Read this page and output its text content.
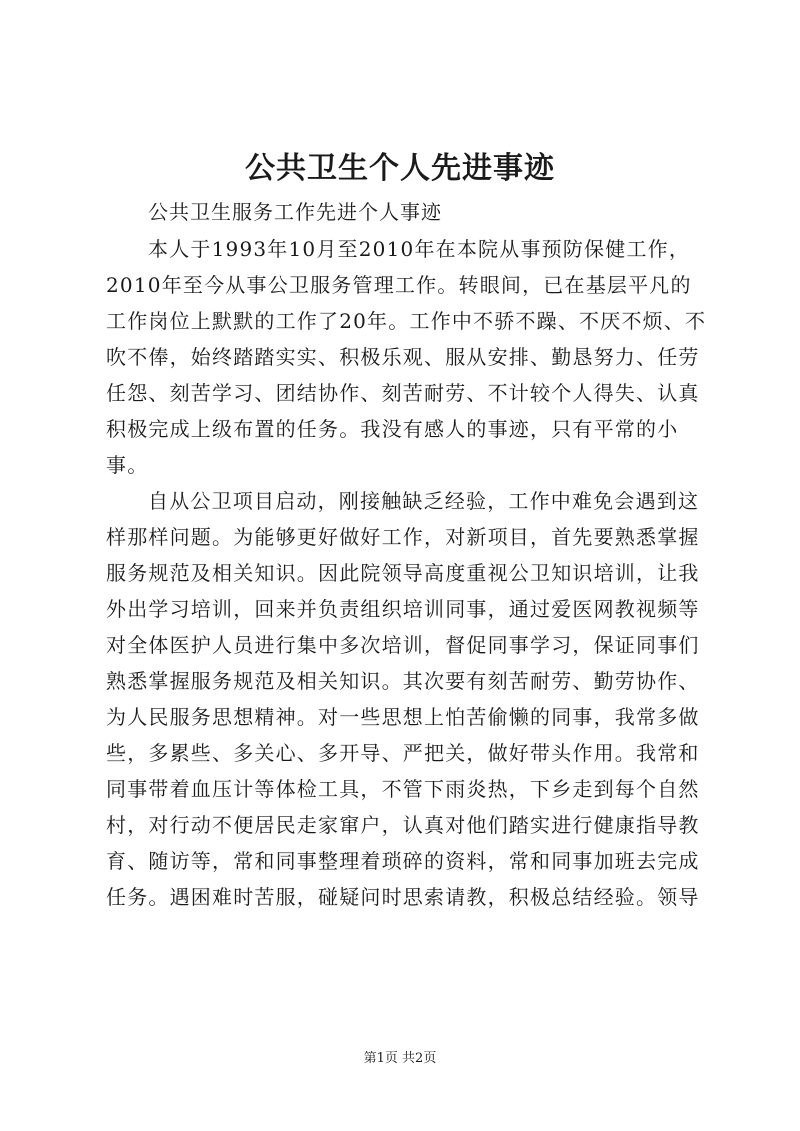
公共卫生个人先进事迹

公共卫生服务工作先进个人事迹

本人于1993年10月至2010年在本院从事预防保健工作，2010年至今从事公卫服务管理工作。转眼间，已在基层平凡的工作岗位上默默的工作了20年。工作中不骄不躁、不厌不烦、不吹不俸，始终踏踏实实、积极乐观、服从安排、勤恳努力、任劳任怨、刻苦学习、团结协作、刻苦耐劳、不计较个人得失、认真积极完成上级布置的任务。我没有感人的事迹，只有平常的小事。

自从公卫项目启动，刚接触缺乏经验，工作中难免会遇到这样那样问题。为能够更好做好工作，对新项目，首先要熟悉掌握服务规范及相关知识。因此院领导高度重视公卫知识培训，让我外出学习培训，回来并负责组织培训同事，通过爱医网教视频等对全体医护人员进行集中多次培训，督促同事学习，保证同事们熟悉掌握服务规范及相关知识。其次要有刻苦耐劳、勤劳协作、为人民服务思想精神。对一些思想上怕苦偷懒的同事，我常多做些，多累些、多关心、多开导、严把关，做好带头作用。我常和同事带着血压计等体检工具，不管下雨炎热，下乡走到每个自然村，对行动不便居民走家窜户，认真对他们踏实进行健康指导教育、随访等，常和同事整理着琐碎的资料，常和同事加班去完成任务。遇困难时苦服，碰疑问时思索请教，积极总结经验。领导

第1页 共2页
